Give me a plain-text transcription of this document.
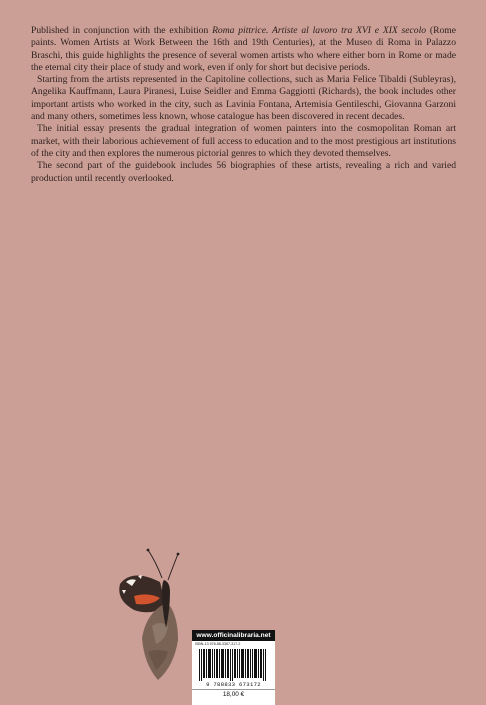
Published in conjunction with the exhibition Roma pittrice. Artiste al lavoro tra XVI e XIX secolo (Rome paints. Women Artists at Work Between the 16th and 19th Centuries), at the Museo di Roma in Palazzo Braschi, this guide highlights the presence of several women artists who where either born in Rome or made the eternal city their place of study and work, even if only for short but decisive periods.

Starting from the artists represented in the Capitoline collections, such as Maria Felice Tibaldi (Subleyras), Angelika Kauffmann, Laura Piranesi, Luise Seidler and Emma Gaggiotti (Richards), the book includes other important artists who worked in the city, such as Lavinia Fontana, Artemisia Gentileschi, Giovanna Garzoni and many others, sometimes less known, whose catalogue has been discovered in recent decades.

The initial essay presents the gradual integration of women painters into the cosmopolitan Roman art market, with their laborious achievement of full access to education and to the most prestigious art institutions of the city and then explores the numerous pictorial genres to which they devoted themselves.

The second part of the guidebook includes 56 biographies of these artists, revealing a rich and varied production until recently overlooked.

www.officinalibraria.net
ISBN-13 978-88-3367-317-2
9 788833 673172
18,00 €
